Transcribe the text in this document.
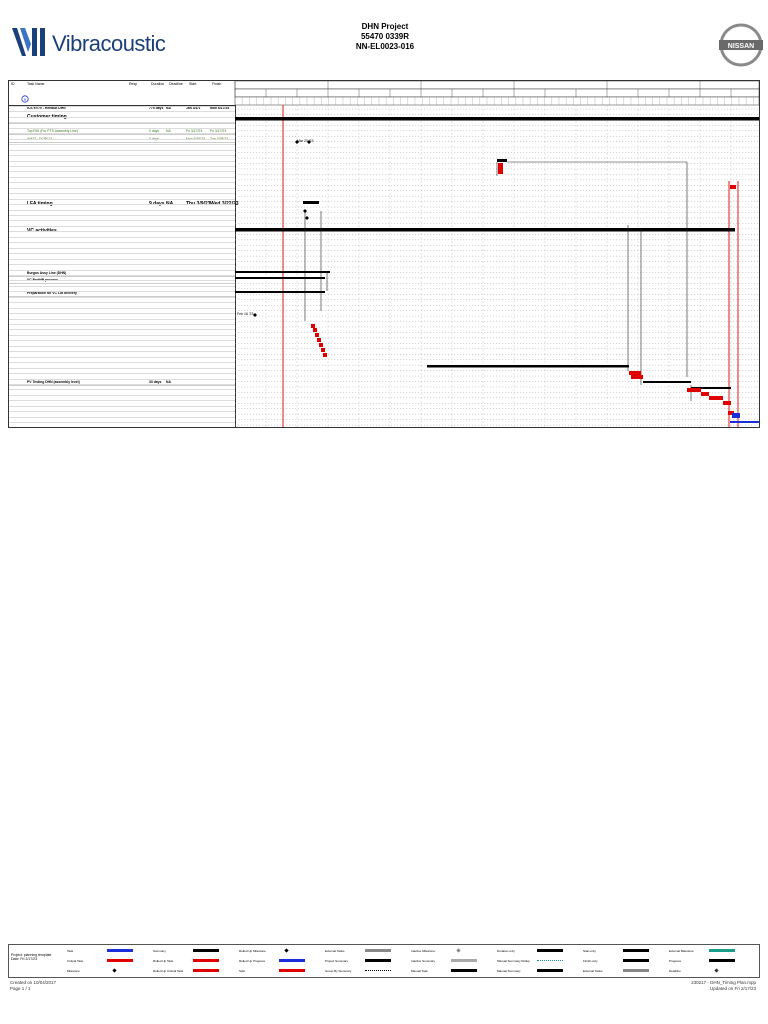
Vibracoustic
DHN Project
55470 0339R
NN-EL0023-016	NISSAN
ID	Task Name	Resp	Duration Deadline Start	Finish
ICS EV70 - Renault DHN	775 days NA	Jan 3/1/1	Mon 6/17/24
Customer timing
Top RDI (For PTS Assembly Line)	0 days	NA	Fri 3/17/23	Fri 3/17/23
AMT2 - DCR013	0 days	Mon 3/20/23	Tue 3/28/23
LFA timing	9 days NA	Thu 3/9/23 Wed 3/22/23
VC activities
Burgos Assy Line (DHN)
VC ProtHP process
Preparation for VC Lot delivery
PV Testing DHN (assembly level)	33 days	NA
Mar 20 '23
Feb 16 '23
Project: planning template
Date: Fri 2/17/23
Task
Critical Task
Milestone
Summary
Rolled Up Task
Rolled Up Critical Task
Rolled Up Milestone
Rolled Up Progress
Split
External Tasks
Project Summary
Group By Summary
Inactive Milestone
Inactive Summary
Manual Task
Duration-only
Manual Summary Rollup
Manual Summary
Start-only
Finish-only
External Tasks
External Milestone
Progress
Deadline
Created on 10/04/2017
Page 1 / 1
230217 - DHN_Timing Plan.mpp
Updated on Fri 2/17/23
